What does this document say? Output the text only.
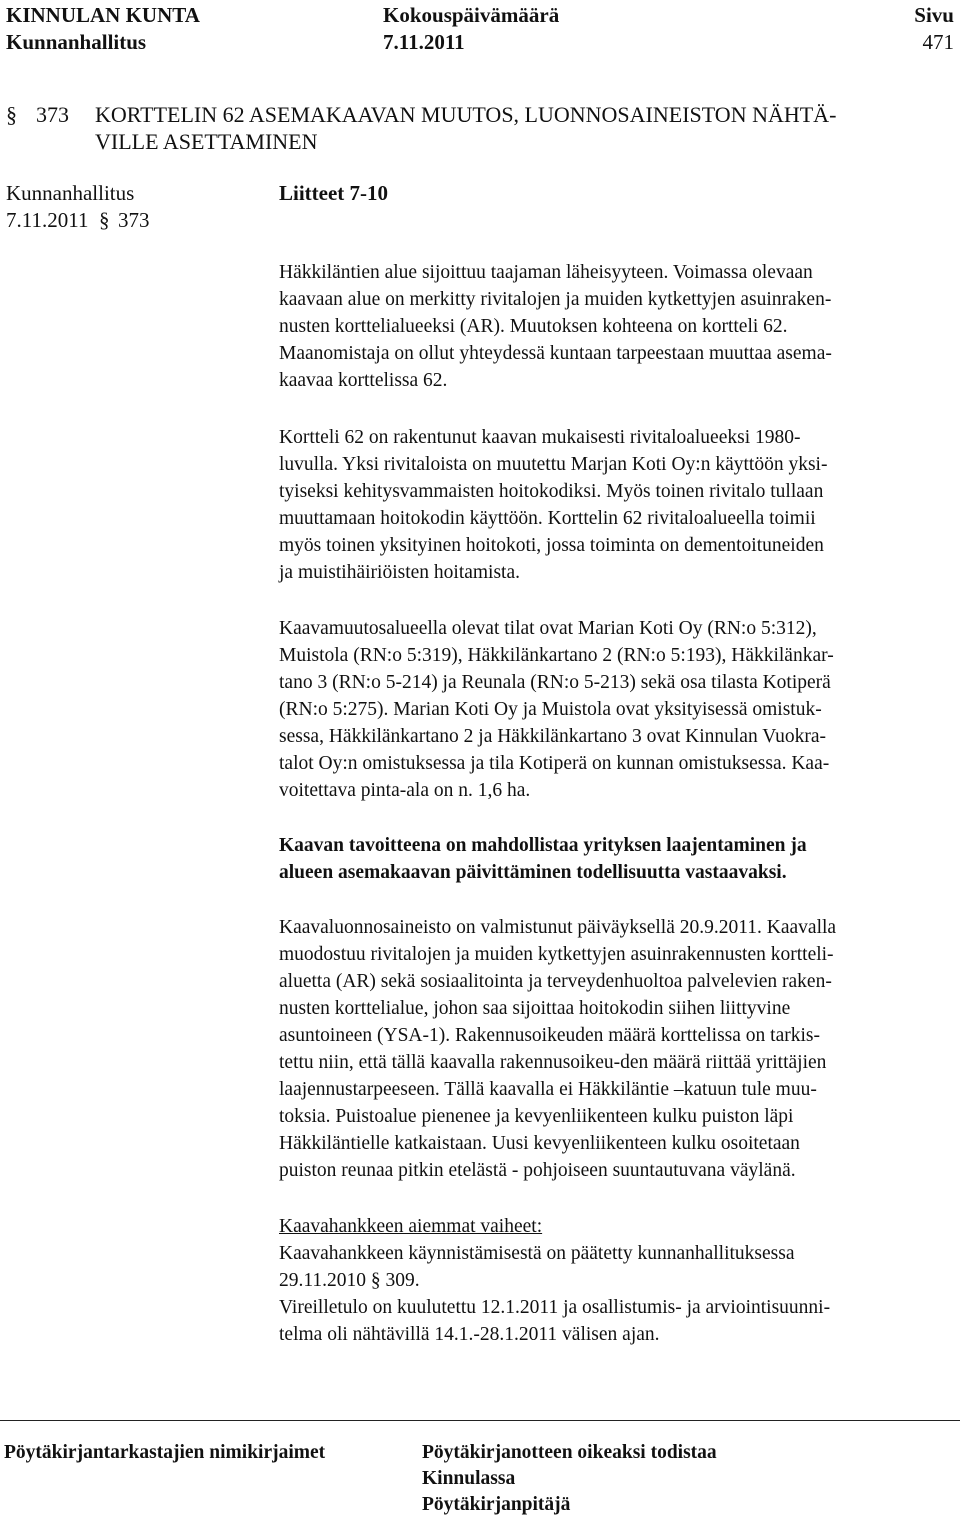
KINNULAN KUNTA
Kunnanhallitus
Kokouspäivämäärä
7.11.2011
Sivu
471
§ 373 KORTTELIN 62 ASEMAKAAVAN MUUTOS, LUONNOSAINEISTON NÄHTÄ-
VILLE ASETTAMINEN
Kunnanhallitus
7.11.2011 § 373
Liitteet 7-10
Häkkiläntien alue sijoittuu taajaman läheisyyteen. Voimassa olevaan
kaavaan alue on merkitty rivitalojen ja muiden kytkettyjen asuinraken-
nusten korttelialueeksi (AR). Muutoksen kohteena on kortteli 62.
Maanomistaja on ollut yhteydessä kuntaan tarpeestaan muuttaa asema-
kaavaa korttelissa 62.
Kortteli 62 on rakentunut kaavan mukaisesti rivitaloalueeksi 1980-
luvulla. Yksi rivitaloista on muutettu Marjan Koti Oy:n käyttöön yksi-
tyiseksi kehitysvammaisten hoitokodiksi. Myös toinen rivitalo tullaan
muuttamaan hoitokodin käyttöön. Korttelin 62 rivitaloalueella toimii
myös toinen yksityinen hoitokoti, jossa toiminta on dementoituneiden
ja muistihäiriöisten hoitamista.
Kaavamuutosalueella olevat tilat ovat Marian Koti Oy (RN:o 5:312),
Muistola (RN:o 5:319), Häkkilänkartano 2 (RN:o 5:193), Häkkilänkar-
tano 3 (RN:o 5-214) ja Reunala (RN:o 5-213) sekä osa tilasta Kotiperä
(RN:o 5:275). Marian Koti Oy ja Muistola ovat yksityisessä omistuk-
sessa, Häkkilänkartano 2 ja Häkkilänkartano 3 ovat Kinnulan Vuokra-
talot Oy:n omistuksessa ja tila Kotiperä on kunnan omistuksessa. Kaa-
voitettava pinta-ala on n. 1,6 ha.
Kaavan tavoitteena on mahdollistaa yrityksen laajentaminen ja
alueen asemakaavan päivittäminen todellisuutta vastaavaksi.
Kaavaluonnosaineisto on valmistunut päiväyksellä 20.9.2011. Kaavalla
muodostuu rivitalojen ja muiden kytkettyjen asuinrakennusten kortteli-
aluetta (AR) sekä sosiaalitointa ja terveydenhuoltoa palvelevien raken-
nusten korttelialue, johon saa sijoittaa hoitokodin siihen liittyvine
asuntoineen (YSA-1). Rakennusoikeuden määrä korttelissa on tarkis-
tettu niin, että tällä kaavalla rakennusoikeu-den määrä riittää yrittäjien
laajennustarpeeseen. Tällä kaavalla ei Häkkiläntie –katuun tule muu-
toksia. Puistoalue pienenee ja kevyenliikenteen kulku puiston läpi
Häkkiläntielle katkaistaan. Uusi kevyenliikenteen kulku osoitetaan
puiston reunaa pitkin etelästä - pohjoiseen suuntautuvana väylänä.
Kaavahankkeen aiemmat vaiheet:
Kaavahankkeen käynnistämisestä on päätetty kunnanhallituksessa
29.11.2010 § 309.
Vireilletulo on kuulutettu 12.1.2011 ja osallistumis- ja arviointisuunni-
telma oli nähtävillä 14.1.-28.1.2011 välisen ajan.
Pöytäkirjantarkastajien nimikirjaimet	Pöytäkirjanotteen oikeaksi todistaa
Kinnulassa
Pöytäkirjanpitäjä
